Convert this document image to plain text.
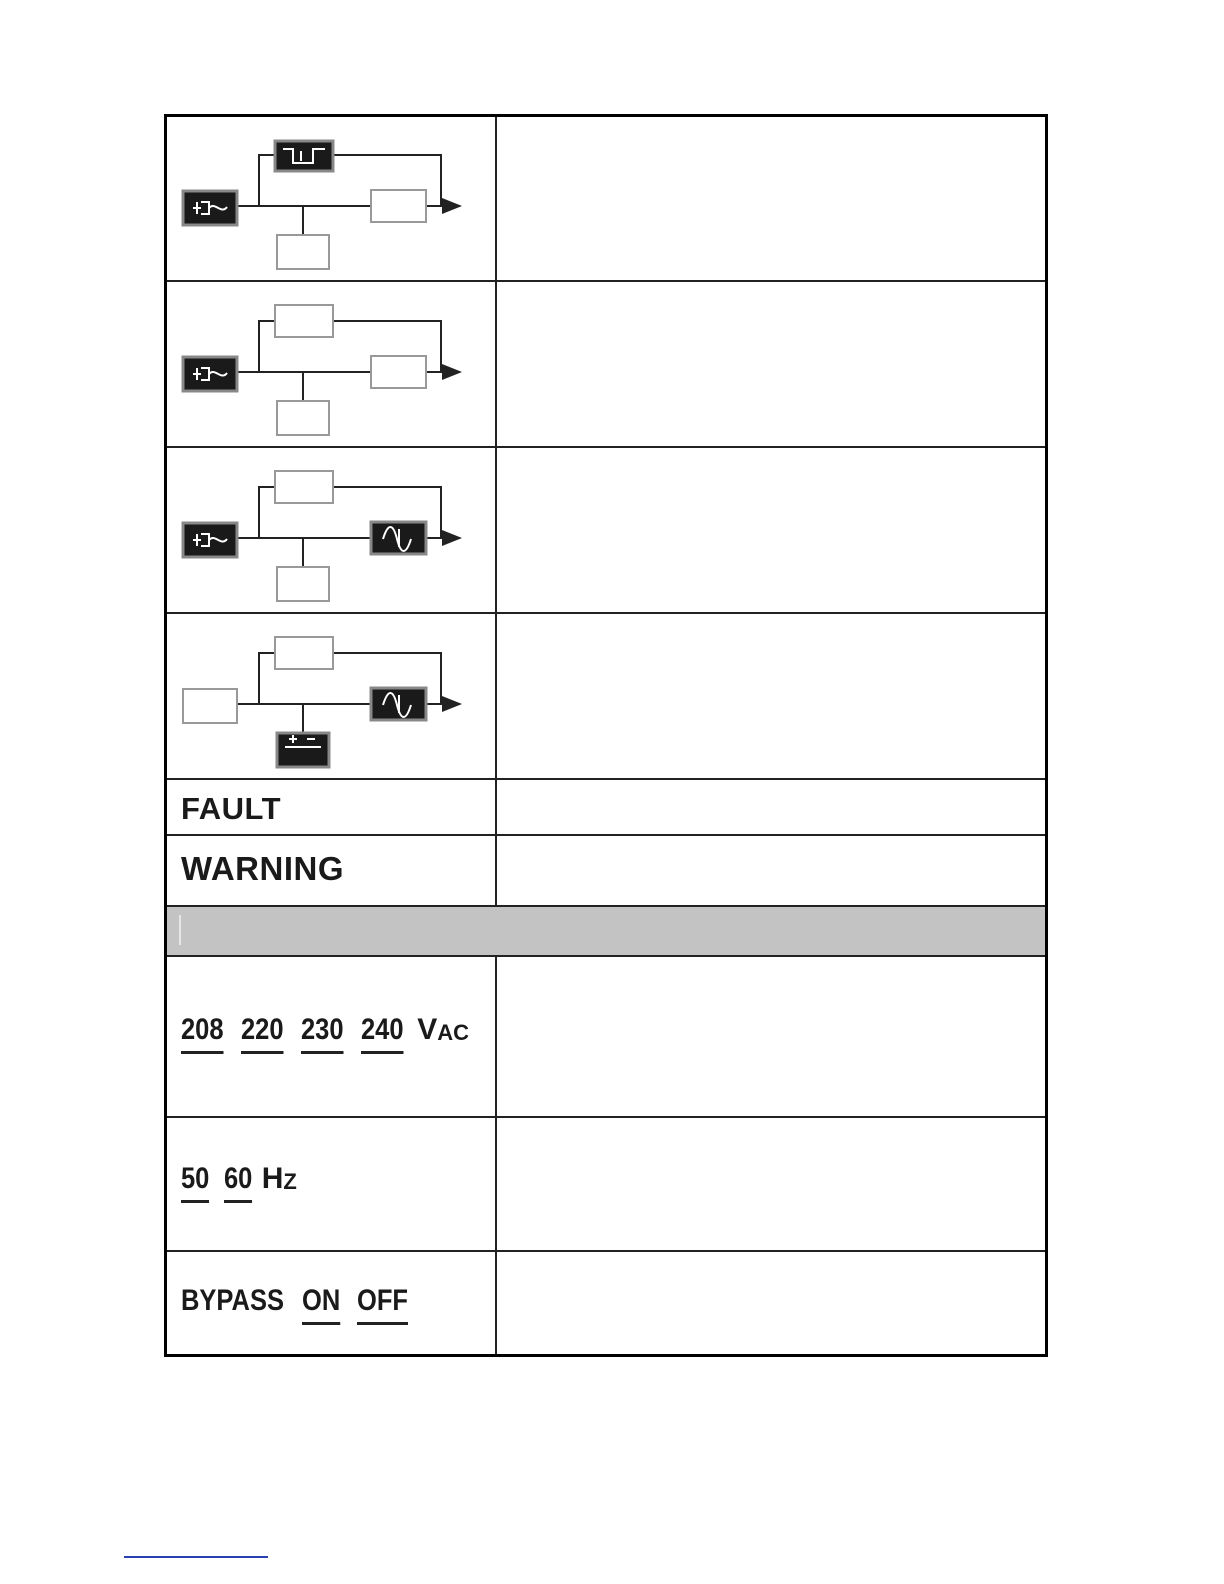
FAULT
WARNING
208 220 230 240 V AC
50 60 H Z
BYPASS ON OFF
